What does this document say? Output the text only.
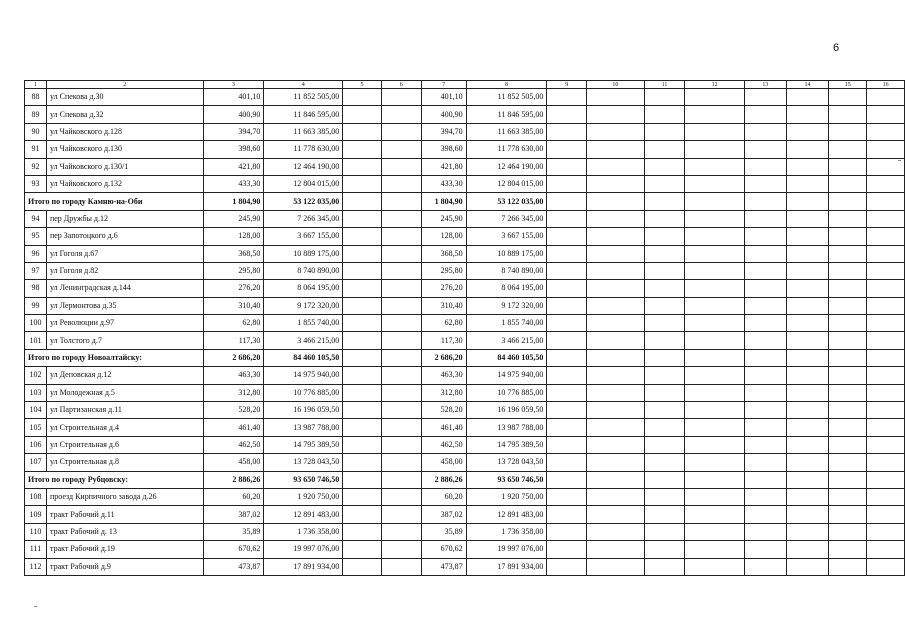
6
1	2	3	4	5	6	7	8	9	10	11	12	13	14	15	16
88	ул Спекова д.30	401,10	11 852 505,00			401,10	11 852 505,00								
89	ул Спекова д.32	400,90	11 846 595,00			400,90	11 846 595,00								
90	ул Чайковского д.128	394,70	11 663 385,00			394,70	11 663 385,00								
91	ул Чайковского д.130	398,60	11 778 630,00			398,60	11 778 630,00								
92	ул Чайковского д.130/1	421,80	12 464 190,00			421,80	12 464 190,00								
93	ул Чайковского д.132	433,30	12 804 015,00			433,30	12 804 015,00								
Итого по городу Камню-на-Оби		1 804,90	53 122 035,00			1 804,90	53 122 035,00								
94	пер Дружбы д.12	245,90	7 266 345,00			245,90	7 266 345,00								
95	пер Запотоцкого д.6	128,00	3 667 155,00			128,00	3 667 155,00								
96	ул Гоголя д.67	368,50	10 889 175,00			368,50	10 889 175,00								
97	ул Гоголя д.82	295,80	8 740 890,00			295,80	8 740 890,00								
98	ул Ленинградская д.144	276,20	8 064 195,00			276,20	8 064 195,00								
99	ул Лермонтова д.35	310,40	9 172 320,00			310,40	9 172 320,00								
100	ул Революции д.97	62,80	1 855 740,00			62,80	1 855 740,00								
101	ул Толстого д.7	117,30	3 466 215,00			117,30	3 466 215,00								
Итого по городу Новоалтайску:		2 686,20	84 460 105,50			2 686,20	84 460 105,50								
102	ул Деповская д.12	463,30	14 975 940,00			463,30	14 975 940,00								
103	ул Молодежная д.5	312,80	10 776 885,00			312,80	10 776 885,00								
104	ул Партизанская д.11	528,20	16 196 059,50			528,20	16 196 059,50								
105	ул Строительная д.4	461,40	13 987 788,00			461,40	13 987 788,00								
106	ул Строительная д.6	462,50	14 795 389,50			462,50	14 795 389,50								
107	ул Строительная д.8	458,00	13 728 043,50			458,00	13 728 043,50								
Итого по городу Рубцовску:		2 886,26	93 650 746,50			2 886,26	93 650 746,50								
108	проезд Кирпичного завода д.26	60,20	1 920 750,00			60,20	1 920 750,00								
109	тракт Рабочий д.11	387,02	12 891 483,00			387,02	12 891 483,00								
110	тракт Рабочий д. 13	35,89	1 736 358,00			35,89	1 736 358,00								
111	тракт Рабочий д.19	670,62	19 997 076,00			670,62	19 997 076,00								
112	тракт Рабочий д.9	473,87	17 891 934,00			473,87	17 891 934,00								
